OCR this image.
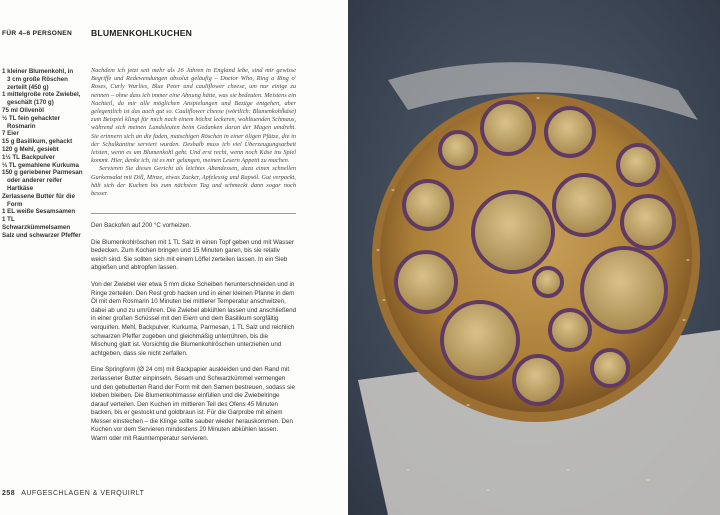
FÜR 4–6 PERSONEN BLUMENKOHLKUCHEN
1 kleiner Blumenkohl, in
3 cm große Röschen zerteilt (450 g)
1 mittelgroße rote Zwiebel,
geschält (170 g)
75 ml Olivenöl
½ TL fein gehackter
Rosmarin
7 Eier
15 g Basilikum, gehackt
120 g Mehl, gesiebt
1½ TL Backpulver
⅓ TL gemahlene Kurkuma
150 g geriebener Parmesan
oder anderer reifer Hartkäse
Zerlassene Butter für die
Form
1 EL weiße Sesamsamen
1 TL Schwarzkümmelsamen
Salz und schwarzer Pfeffer

Nachdem ich jetzt seit mehr als 16 Jahren in England lebe, sind mir gewisse Begriffe und Redewendungen absolut geläufig – Doctor Who, Ring a Ring o' Roses, Curly Wurlies, Blue Peter und cauliflower cheese, um nur einige zu nennen – ohne dass ich immer eine Ahnung hätte, was sie bedeuten. Meistens ein Nachteil, da mir alle möglichen Anspielungen und Bezüge entgehen, aber gelegentlich ist das auch gut so. Cauliflower cheese (wörtlich: Blumenkohlkäse) zum Beispiel klingt für mich nach einem höchst leckeren, wohltuenden Schmaus, während sich meinen Landsleuten beim Gedanken daran der Magen umdreht. Sie erinnern sich an die faden, matschigen Röschen in einer öligen Pfütze, die in der Schulkantine serviert wurden. Deshalb muss ich viel Überzeugungsarbeit leisten, wenn es um Blumenkohl geht. Und erst recht, wenn noch Käse ins Spiel kommt. Hier, denke ich, ist es mir gelungen, meinen Lesern Appetit zu machen.

Servieren Sie dieses Gericht als leichtes Abendessen, dazu einen schnellen Gurkensalat mit Dill, Minze, etwas Zucker, Apfelessig und Rapsöl. Gut verpackt, hält sich der Kuchen bis zum nächsten Tag und schmeckt dann sogar noch besser.

Den Backofen auf 200 °C vorheizen.

Die Blumenkohlröschen mit 1 TL Salz in einen Topf geben und mit Wasser bedecken. Zum Kochen bringen und 15 Minuten garen, bis sie relativ weich sind. Sie sollten sich mit einem Löffel zerteilen lassen. In ein Sieb abgießen und abtropfen lassen.

Von der Zwiebel vier etwa 5 mm dicke Scheiben herunterschneiden und in Ringe zerteilen. Den Rest grob hacken und in einer kleinen Pfanne in dem Öl mit dem Rosmarin 10 Minuten bei mittlerer Temperatur anschwitzen, dabei ab und zu umrühren. Die Zwiebel abkühlen lassen und anschließend in einer großen Schüssel mit den Eiern und dem Basilikum sorgfältig verquirlen. Mehl, Backpulver, Kurkuma, Parmesan, 1 TL Salz und reichlich schwarzen Pfeffer zugeben und gleichmäßig unterrühren, bis die Mischung glatt ist. Vorsichtig die Blumenkohlröschen unterziehen und achtgeben, dass sie nicht zerfallen.

Eine Springform (Ø 24 cm) mit Backpapier auskleiden und den Rand mit zerlassener Butter einpinseln. Sesam und Schwarzkümmel vermengen und den gebutterten Rand der Form mit den Samen bestreuen, sodass sie kleben bleiben. Die Blumenkohlmasse einfüllen und die Zwiebelringe darauf verteilen. Den Kuchen im mittleren Teil des Ofens 45 Minuten backen, bis er gestockt und goldbraun ist. Für die Garprobe mit einem Messer einstechen – die Klinge sollte sauber wieder herauskommen. Den Kuchen vor dem Servieren mindestens 20 Minuten abkühlen lassen. Warm oder mit Raumtemperatur servieren.

258 AUFGESCHLAGEN & VERQUIRLT
